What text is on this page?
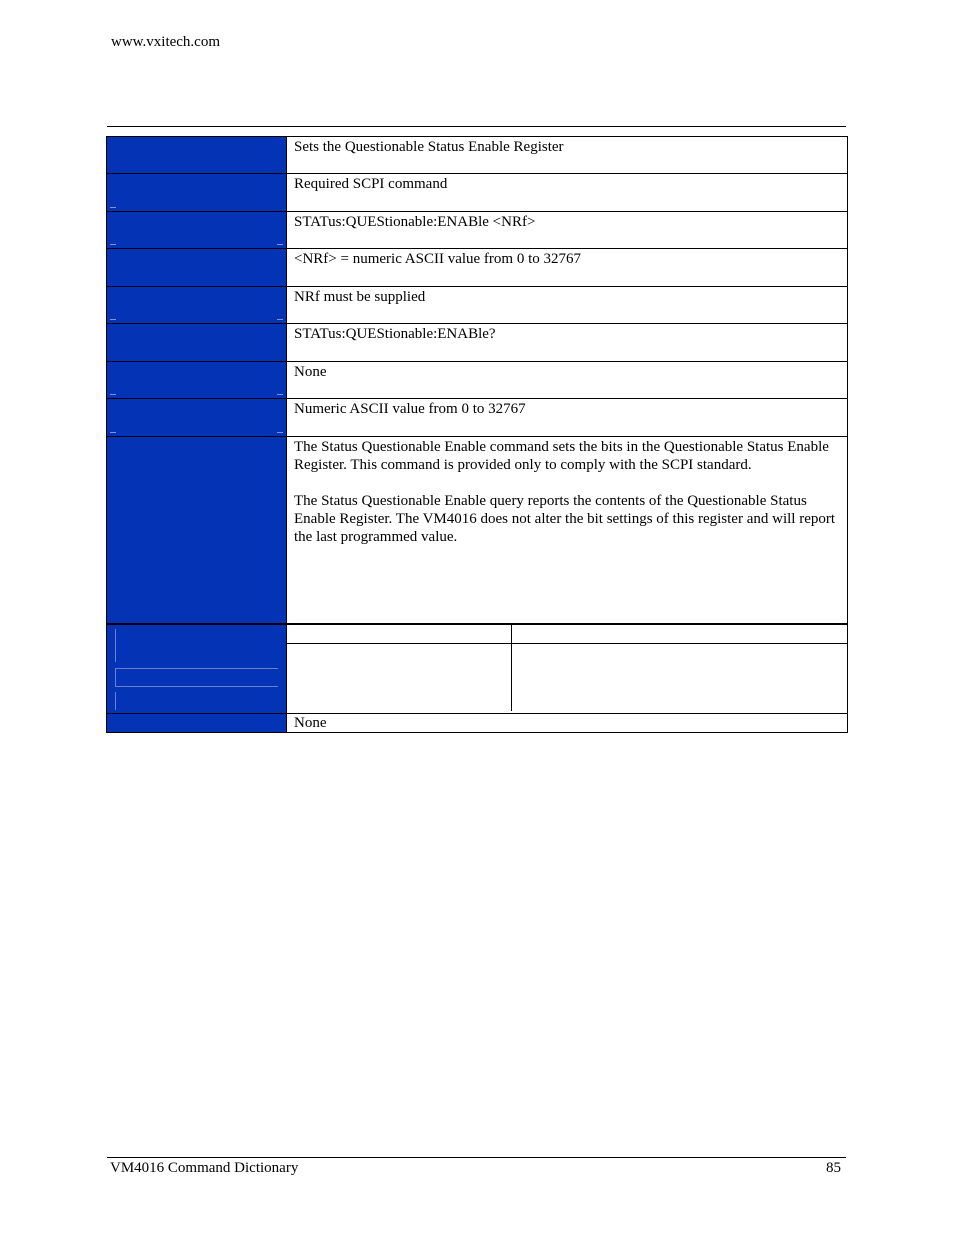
www.vxitech.com
Sets the Questionable Status Enable Register
Required SCPI command
STATus:QUEStionable:ENABle <NRf>
<NRf> = numeric ASCII value from 0 to 32767
NRf must be supplied
STATus:QUEStionable:ENABle?
None
Numeric ASCII value from 0 to 32767

The Status Questionable Enable command sets the bits in the Questionable Status Enable Register. This command is provided only to comply with the SCPI standard.

The Status Questionable Enable query reports the contents of the Questionable Status Enable Register. The VM4016 does not alter the bit settings of this register and will report the last programmed value.

None
VM4016 Command Dictionary	85
